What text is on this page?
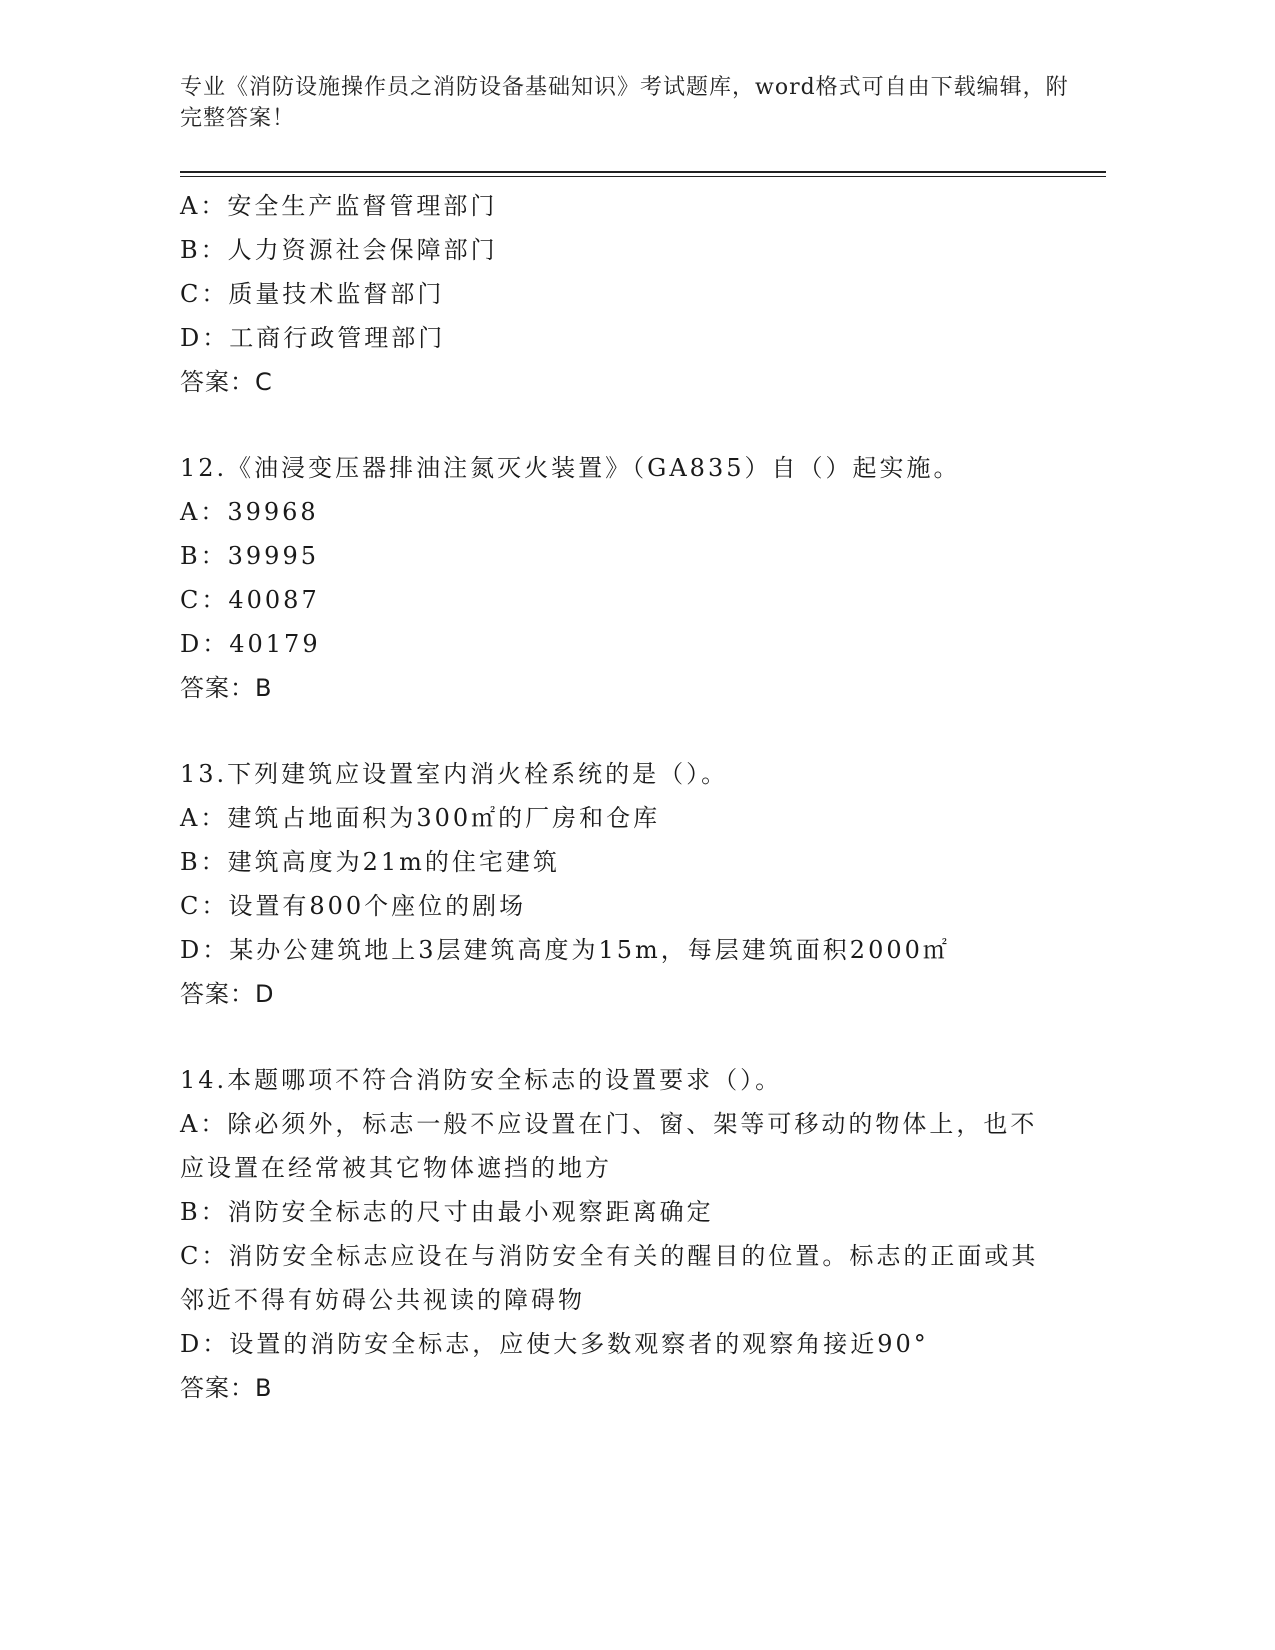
专业《消防设施操作员之消防设备基础知识》考试题库，word格式可自由下载编辑，附完整答案！
A：安全生产监督管理部门
B：人力资源社会保障部门
C：质量技术监督部门
D：工商行政管理部门
答案：C
12.《油浸变压器排油注氮灭火装置》（GA835）自（）起实施。
A：39968
B：39995
C：40087
D：40179
答案：B
13.下列建筑应设置室内消火栓系统的是（）。
A：建筑占地面积为300㎡的厂房和仓库
B：建筑高度为21m的住宅建筑
C：设置有800个座位的剧场
D：某办公建筑地上3层建筑高度为15m，每层建筑面积2000㎡
答案：D
14.本题哪项不符合消防安全标志的设置要求（）。
A：除必须外，标志一般不应设置在门、窗、架等可移动的物体上，也不应设置在经常被其它物体遮挡的地方
B：消防安全标志的尺寸由最小观察距离确定
C：消防安全标志应设在与消防安全有关的醒目的位置。标志的正面或其邻近不得有妨碍公共视读的障碍物
D：设置的消防安全标志，应使大多数观察者的观察角接近90°
答案：B
